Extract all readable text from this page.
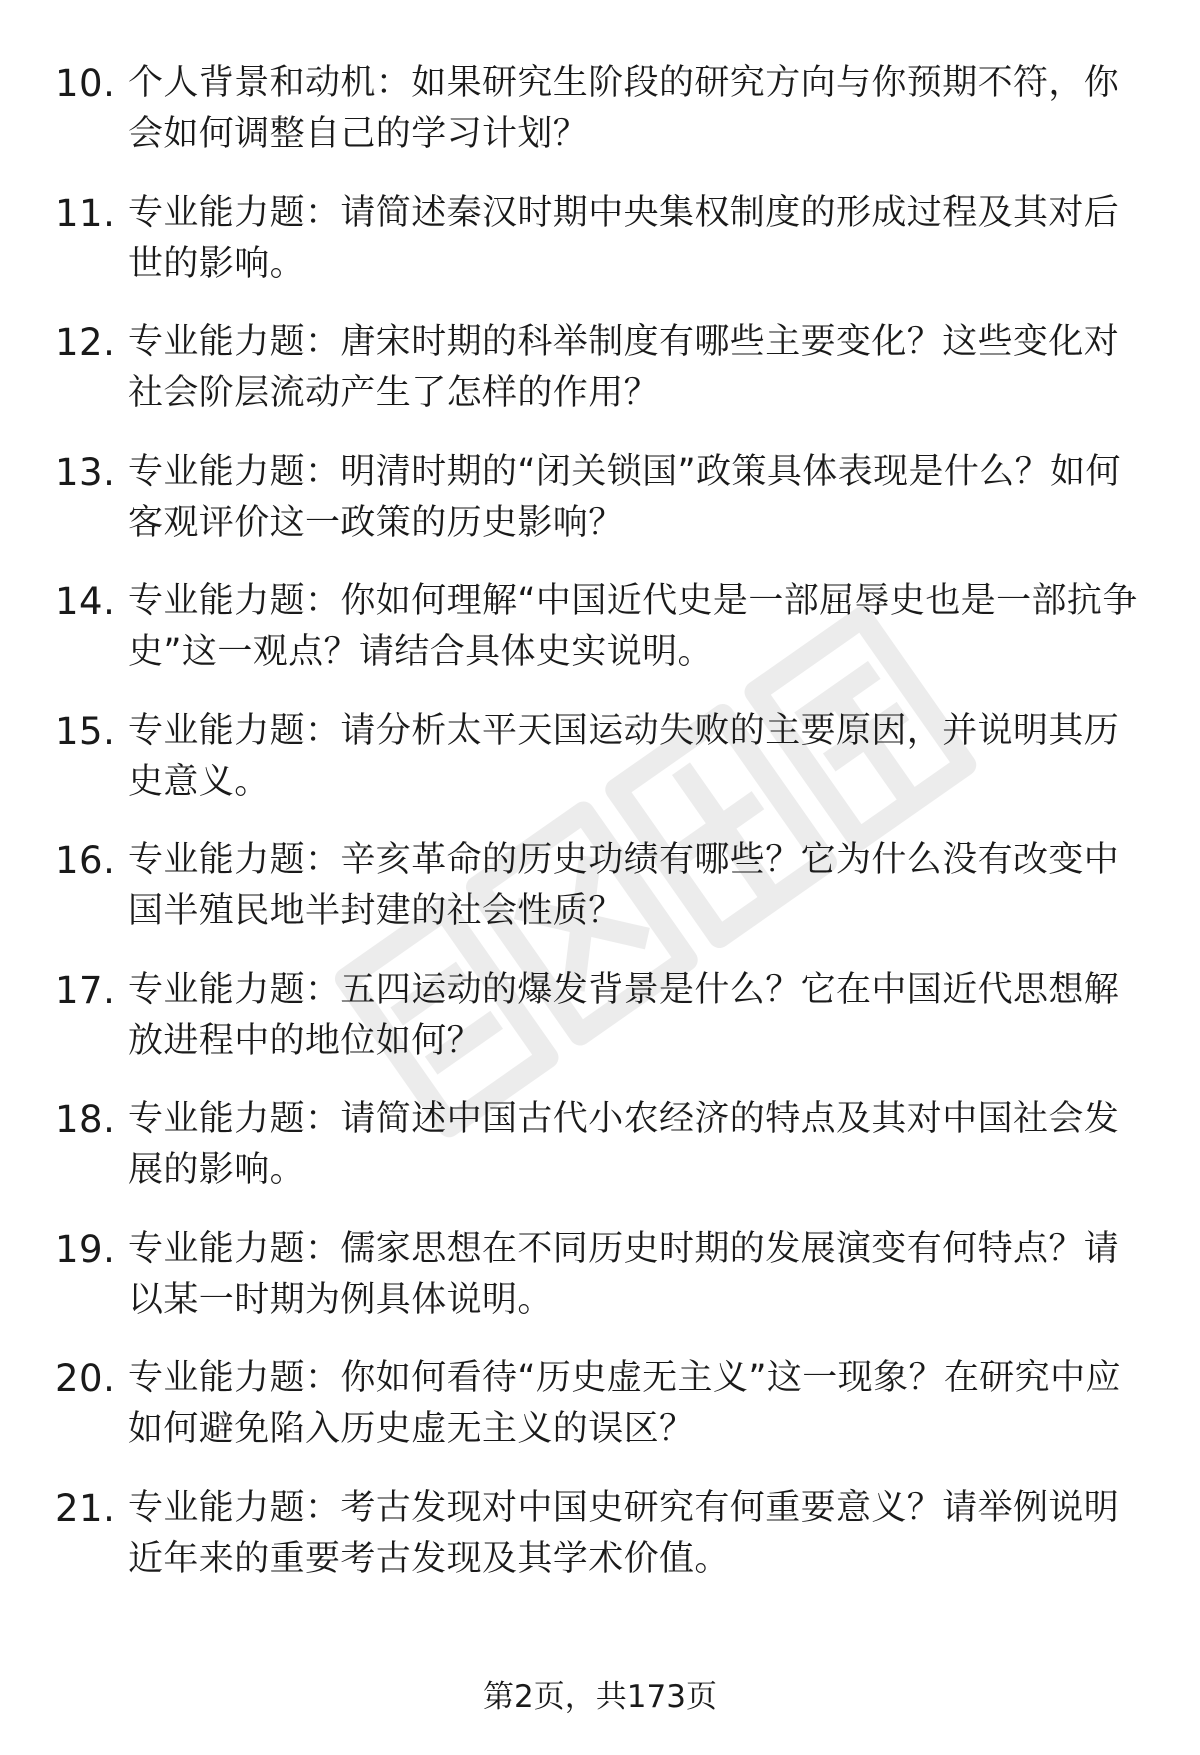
10. 个人背景和动机：如果研究生阶段的研究方向与你预期不符，你会如何调整自己的学习计划？
11. 专业能力题：请简述秦汉时期中央集权制度的形成过程及其对后世的影响。
12. 专业能力题：唐宋时期的科举制度有哪些主要变化？这些变化对社会阶层流动产生了怎样的作用？
13. 专业能力题：明清时期的“闭关锁国”政策具体表现是什么？如何客观评价这一政策的历史影响？
14. 专业能力题：你如何理解“中国近代史是一部屈辱史也是一部抗争史”这一观点？请结合具体史实说明。
15. 专业能力题：请分析太平天国运动失败的主要原因，并说明其历史意义。
16. 专业能力题：辛亥革命的历史功绩有哪些？它为什么没有改变中国半殖民地半封建的社会性质？
17. 专业能力题：五四运动的爆发背景是什么？它在中国近代思想解放进程中的地位如何？
18. 专业能力题：请简述中国古代小农经济的特点及其对中国社会发展的影响。
19. 专业能力题：儒家思想在不同历史时期的发展演变有何特点？请以某一时期为例具体说明。
20. 专业能力题：你如何看待“历史虚无主义”这一现象？在研究中应如何避免陷入历史虚无主义的误区？
21. 专业能力题：考古发现对中国史研究有何重要意义？请举例说明近年来的重要考古发现及其学术价值。
第2页，共173页
